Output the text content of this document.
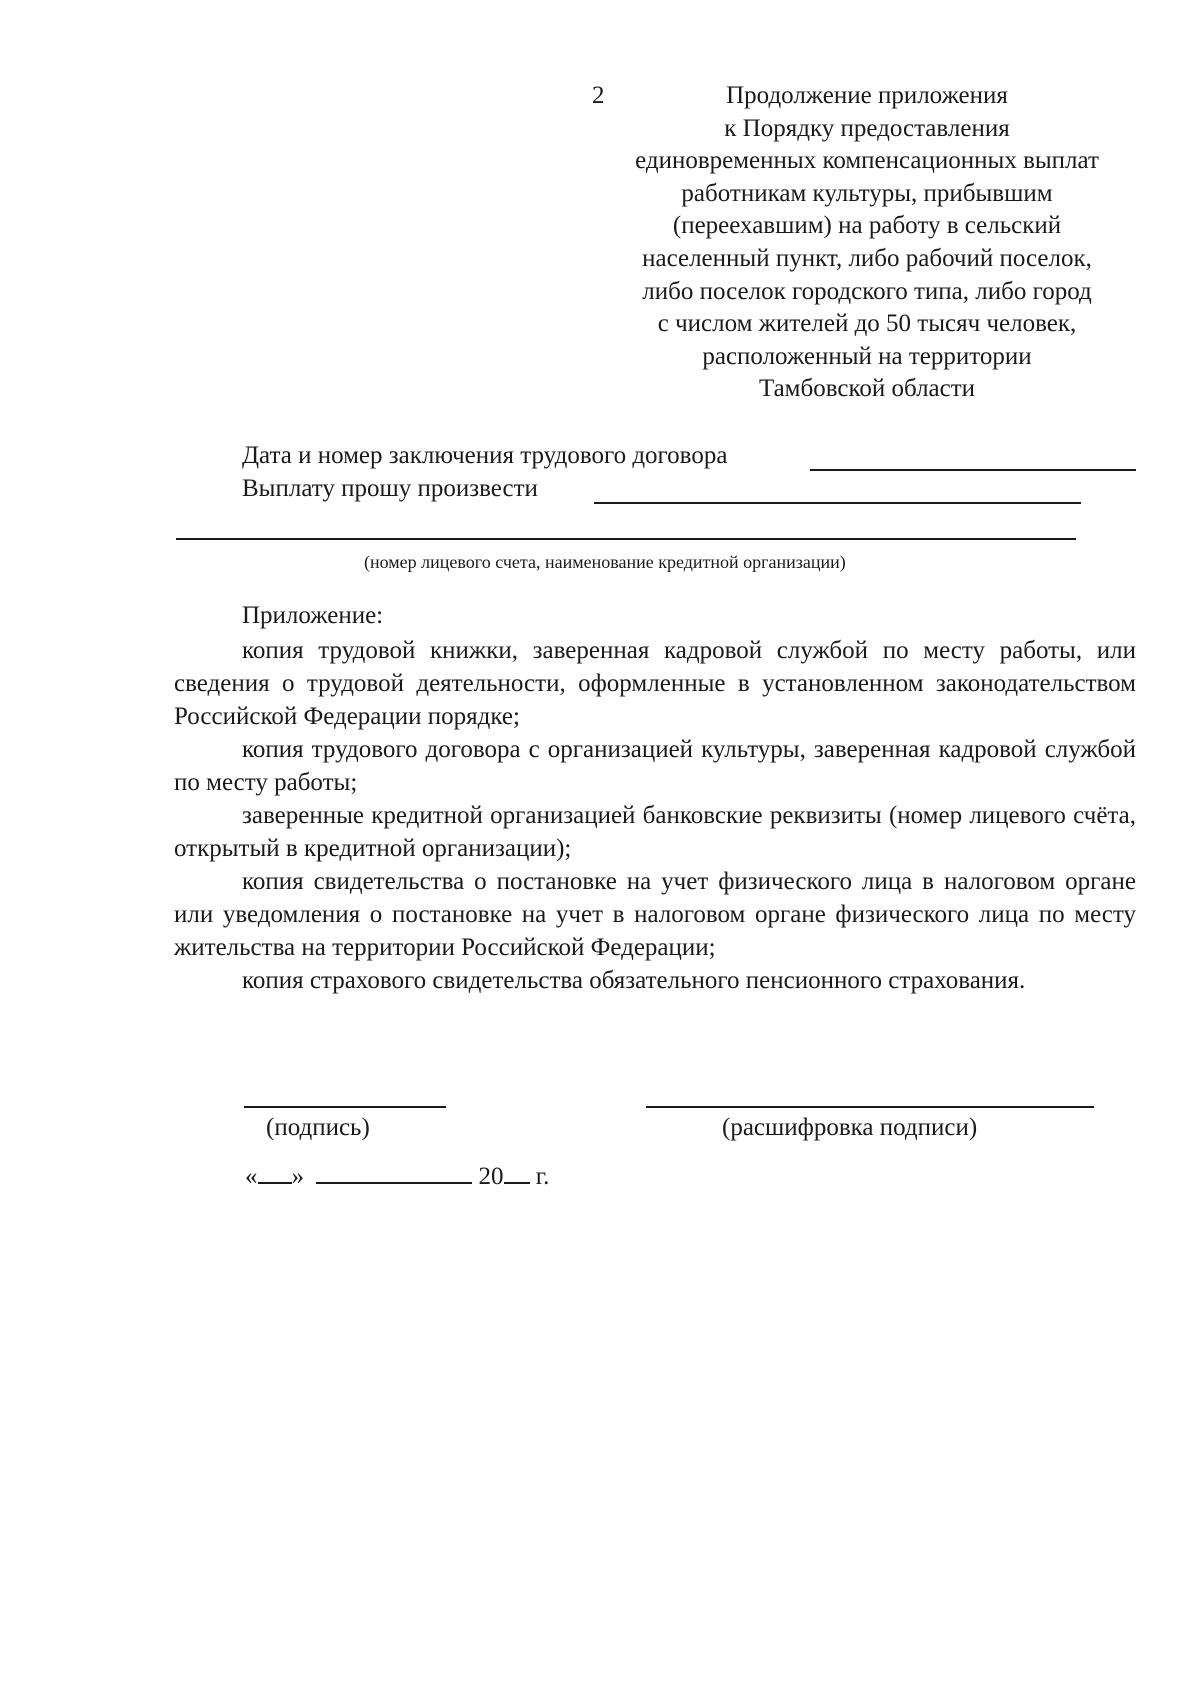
2	Продолжение приложения
к Порядку предоставления
единовременных компенсационных выплат
работникам культуры, прибывшим
(переехавшим) на работу в сельский
населенный пункт, либо рабочий поселок,
либо поселок городского типа, либо город
с числом жителей до 50 тысяч человек,
расположенный на территории
Тамбовской области
Дата и номер заключения трудового договора
Выплату прошу произвести
(номер лицевого счета, наименование кредитной организации)
Приложение:

копия трудовой книжки, заверенная кадровой службой по месту работы, или сведения о трудовой деятельности, оформленные в установленном законодательством Российской Федерации порядке;

копия трудового договора с организацией культуры, заверенная кадровой службой по месту работы;

заверенные кредитной организацией банковские реквизиты (номер лицевого счёта, открытый в кредитной организации);

копия свидетельства о постановке на учет физического лица в налоговом органе или уведомления о постановке на учет в налоговом органе физического лица по месту жительства на территории Российской Федерации;

копия страхового свидетельства обязательного пенсионного страхования.

(подпись)	(расшифровка подписи)
« »	20 г.
